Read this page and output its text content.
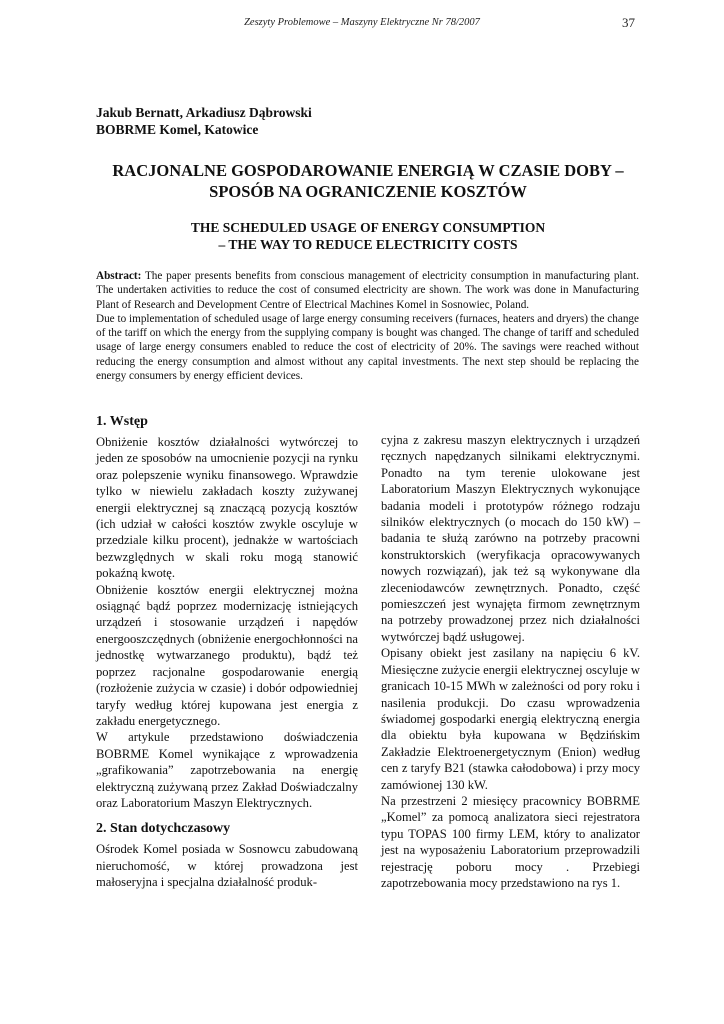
Zeszyty Problemowe – Maszyny Elektryczne Nr 78/2007	37
Jakub Bernatt, Arkadiusz Dąbrowski
BOBRME Komel, Katowice
RACJONALNE GOSPODAROWANIE ENERGIĄ W CZASIE DOBY –
SPOSÓB NA OGRANICZENIE KOSZTÓW
THE SCHEDULED USAGE OF ENERGY CONSUMPTION
– THE WAY TO REDUCE ELECTRICITY COSTS

Abstract: The paper presents benefits from conscious management of electricity consumption in manufacturing plant. The undertaken activities to reduce the cost of consumed electricity are shown. The work was done in Manufacturing Plant of Research and Development Centre of Electrical Machines Komel in Sosnowiec, Poland.

Due to implementation of scheduled usage of large energy consuming receivers (furnaces, heaters and dryers) the change of the tariff on which the energy from the supplying company is bought was changed. The change of tariff and scheduled usage of large energy consumers enabled to reduce the cost of electricity of 20%. The savings were reached without reducing the energy consumption and almost without any capital investments. The next step should be replacing the energy consumers by energy efficient devices.

1. Wstęp

Obniżenie kosztów działalności wytwórczej to jeden ze sposobów na umocnienie pozycji na rynku oraz polepszenie wyniku finansowego. Wprawdzie tylko w niewielu zakładach koszty zużywanej energii elektrycznej są znaczącą pozycją kosztów (ich udział w całości kosztów zwykle oscyluje w przedziale kilku procent), jednakże w wartościach bezwzględnych w skali roku mogą stanowić pokaźną kwotę.

Obniżenie kosztów energii elektrycznej można osiągnąć bądź poprzez modernizację istniejących urządzeń i stosowanie urządzeń i napędów energooszczędnych (obniżenie energochłonności na jednostkę wytwarzanego produktu), bądź też poprzez racjonalne gospodarowanie energią (rozłożenie zużycia w czasie) i dobór odpowiedniej taryfy według której kupowana jest energia z zakładu energetycznego.

W artykule przedstawiono doświadczenia BOBRME Komel wynikające z wprowadzenia „grafikowania” zapotrzebowania na energię elektryczną zużywaną przez Zakład Doświadczalny oraz Laboratorium Maszyn Elektrycznych.

2. Stan dotychczasowy

Ośrodek Komel posiada w Sosnowcu zabudowaną nieruchomość, w której prowadzona jest małoseryjna i specjalna działalność produk-

cyjna z zakresu maszyn elektrycznych i urządzeń ręcznych napędzanych silnikami elektrycznymi. Ponadto na tym terenie ulokowane jest Laboratorium Maszyn Elektrycznych wykonujące badania modeli i prototypów różnego rodzaju silników elektrycznych (o mocach do 150 kW) – badania te służą zarówno na potrzeby pracowni konstruktorskich (weryfikacja opracowywanych nowych rozwiązań), jak też są wykonywane dla zleceniodawców zewnętrznych. Ponadto, część pomieszczeń jest wynajęta firmom zewnętrznym na potrzeby prowadzonej przez nich działalności wytwórczej bądź usługowej.

Opisany obiekt jest zasilany na napięciu 6 kV. Miesięczne zużycie energii elektrycznej oscyluje w granicach 10-15 MWh w zależności od pory roku i nasilenia produkcji. Do czasu wprowadzenia świadomej gospodarki energią elektryczną energia dla obiektu była kupowana w Będzińskim Zakładzie Elektroenergetycznym (Enion) według cen z taryfy B21 (stawka całodobowa) i przy mocy zamówionej 130 kW.

Na przestrzeni 2 miesięcy pracownicy BOBRME „Komel” za pomocą analizatora sieci rejestratora typu TOPAS 100 firmy LEM, który to analizator jest na wyposażeniu Laboratorium przeprowadzili rejestrację poboru mocy . Przebiegi zapotrzebowania mocy przedstawiono na rys 1.
